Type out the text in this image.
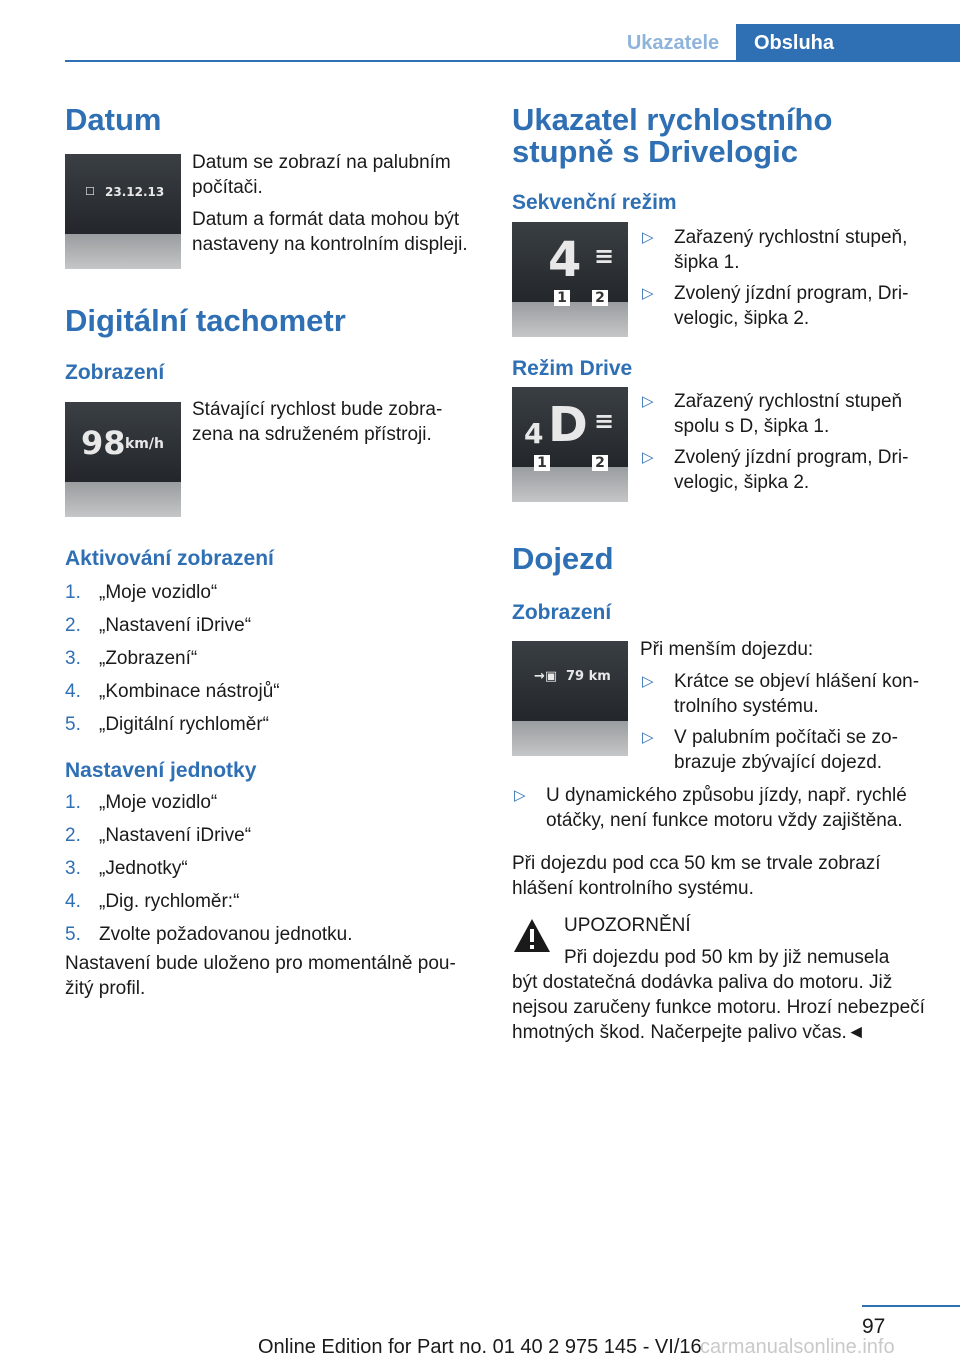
Ukazatele	Obsluha
Datum
☐ 23.12.13

Datum se zobrazí na palubním počítači.

Datum a formát data mohou být nastaveny na kontrolním displeji.

Digitální tachometr
Zobrazení
98 km/h
Stávající rychlost bude zobrazena na sdruženém přístroji.
Aktivování zobrazení
1. „Moje vozidlo“
2. „Nastavení iDrive“
3. „Zobrazení“
4. „Kombinace nástrojů“
5. „Digitální rychloměr“
Nastavení jednotky
1. „Moje vozidlo“
2. „Nastavení iDrive“
3. „Jednotky“
4. „Dig. rychloměr:“
5. Zvolte požadovanou jednotku.
Nastavení bude uloženo pro momentálně použitý profil.
Ukazatel rychlostního stupně s Drivelogic
Sekvenční režim
4 ≡
1 2
▷ Zařazený rychlostní stupeň, šipka 1.
▷ Zvolený jízdní program, Drivelogic, šipka 2.
Režim Drive
4 D ≡
1	2
▷ Zařazený rychlostní stupeň spolu s D, šipka 1.
▷ Zvolený jízdní program, Drivelogic, šipka 2.
Dojezd
Zobrazení
→▣ 79 km
Při menším dojezdu:
▷ Krátce se objeví hlášení kontrolního systému.
▷ V palubním počítači se zobrazuje zbývající dojezd.
▷ U dynamického způsobu jízdy, např. rychlé otáčky, není funkce motoru vždy zajištěna.
Při dojezdu pod cca 50 km se trvale zobrazí hlášení kontrolního systému.
UPOZORNĚNÍ
Při dojezdu pod 50 km by již nemusela
být dostatečná dodávka paliva do motoru. Již nejsou zaručeny funkce motoru. Hrozí nebezpečí hmotných škod. Načerpejte palivo včas.◄
97
Online Edition for Part no. 01 40 2 975 145 - VI/16
carmanualsonline.info
